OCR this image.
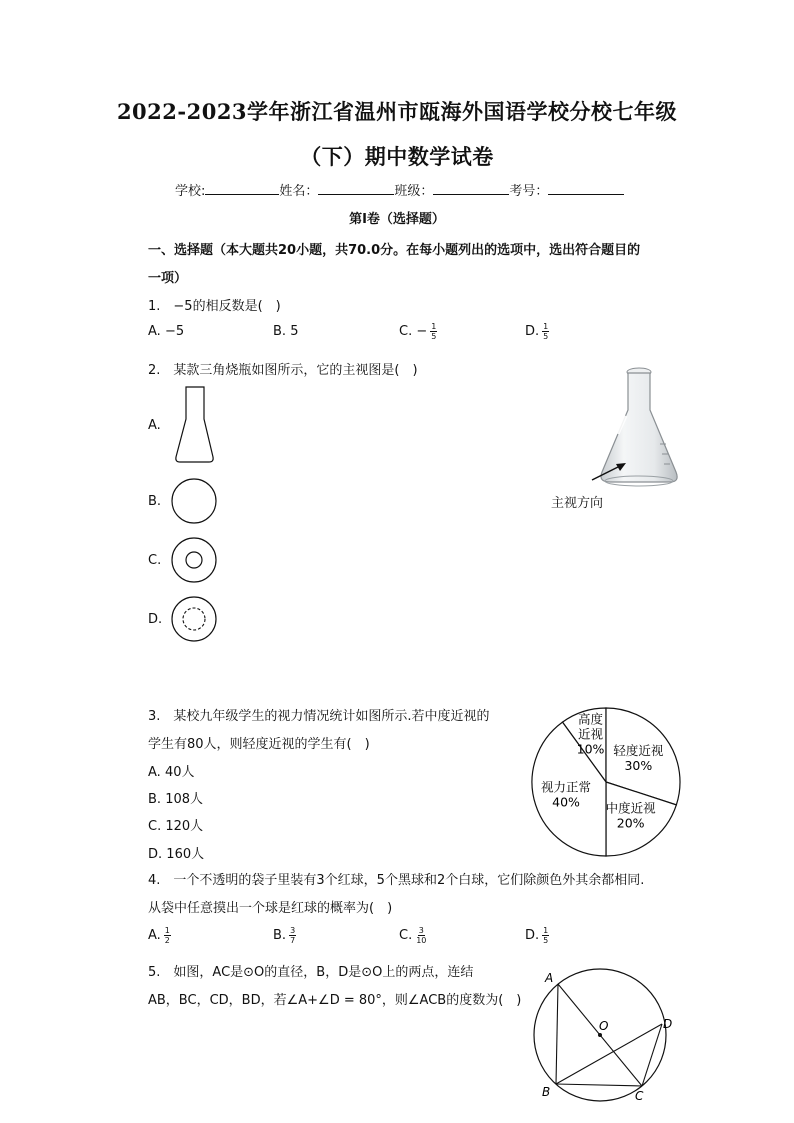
2022-2023学年浙江省温州市瓯海外国语学校分校七年级
（下）期中数学试卷
学校:	姓名：	班级：	考号：
第I卷（选择题）
一、选择题（本大题共20小题，共70.0分。在每小题列出的选项中，选出符合题目的
一项）
1.　−5的相反数是(　)
A. −5	B. 5	C. − $\frac{1}{5}$	D. $\frac{1}{5}$
2.　某款三角烧瓶如图所示，它的主视图是(　)
A.
B.
C.
D.
主视方向
3.　某校九年级学生的视力情况统计如图所示.若中度近视的
学生有80人，则轻度近视的学生有(　)
A. 40人
B. 108人
C. 120人
D. 160人
高度
近视
10% 轻度近视
30%
中度近视
20%
视力正常
40%
4.　一个不透明的袋子里装有3个红球，5个黑球和2个白球，它们除颜色外其余都相同.
从袋中任意摸出一个球是红球的概率为(　)
A. $\frac{1}{2}$	B. $\frac{3}{7}$	C. $\frac{3}{10}$	D. $\frac{1}{5}$
5.　如图，AC是⊙O的直径，B，D是⊙O上的两点，连结
AB，BC，CD，BD，若∠A+∠D = 80°，则∠ACB的度数为(　)
A
B	C
D
O
